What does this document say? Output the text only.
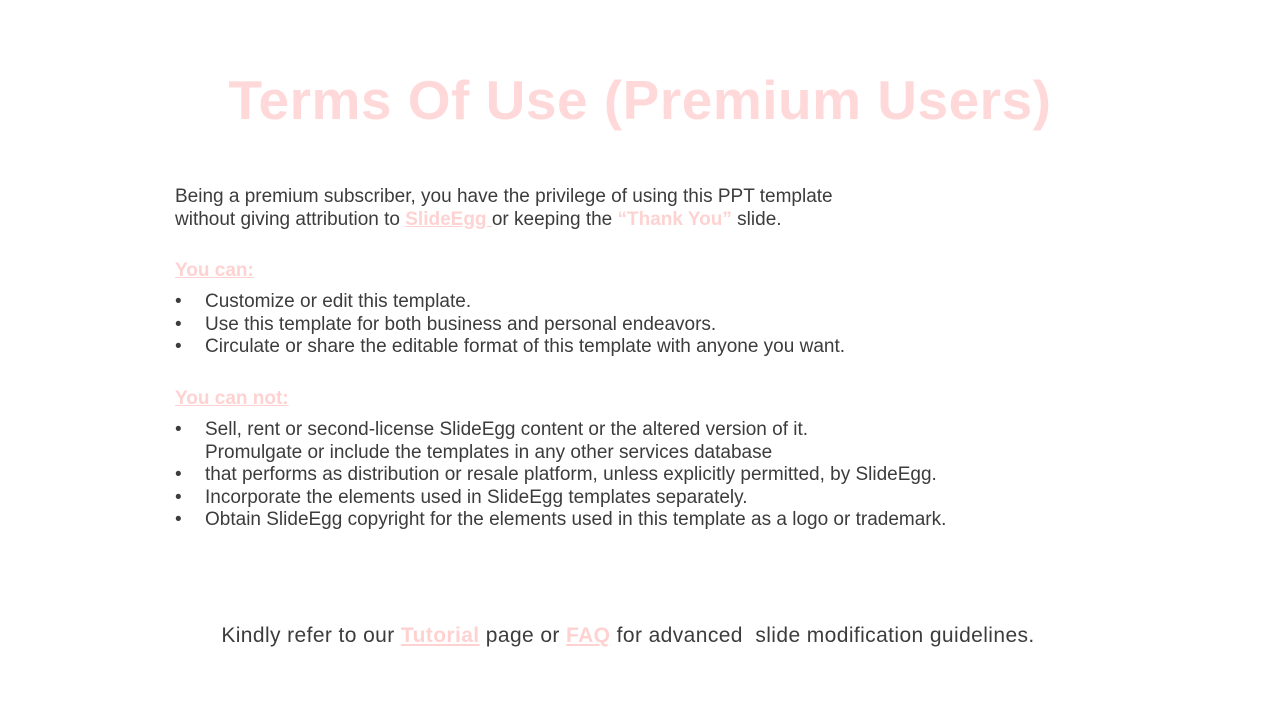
Terms Of Use (Premium Users)
Being a premium subscriber, you have the privilege of using this PPT template
without giving attribution to SlideEgg or keeping the “Thank You” slide.
You can:
• Customize or edit this template.
• Use this template for both business and personal endeavors.
• Circulate or share the editable format of this template with anyone you want.
You can not:
• Sell, rent or second-license SlideEgg content or the altered version of it.
Promulgate or include the templates in any other services database
• that performs as distribution or resale platform, unless explicitly permitted, by SlideEgg.
• Incorporate the elements used in SlideEgg templates separately.
• Obtain SlideEgg copyright for the elements used in this template as a logo or trademark.
Kindly refer to our Tutorial page or FAQ for advanced  slide modification guidelines.
